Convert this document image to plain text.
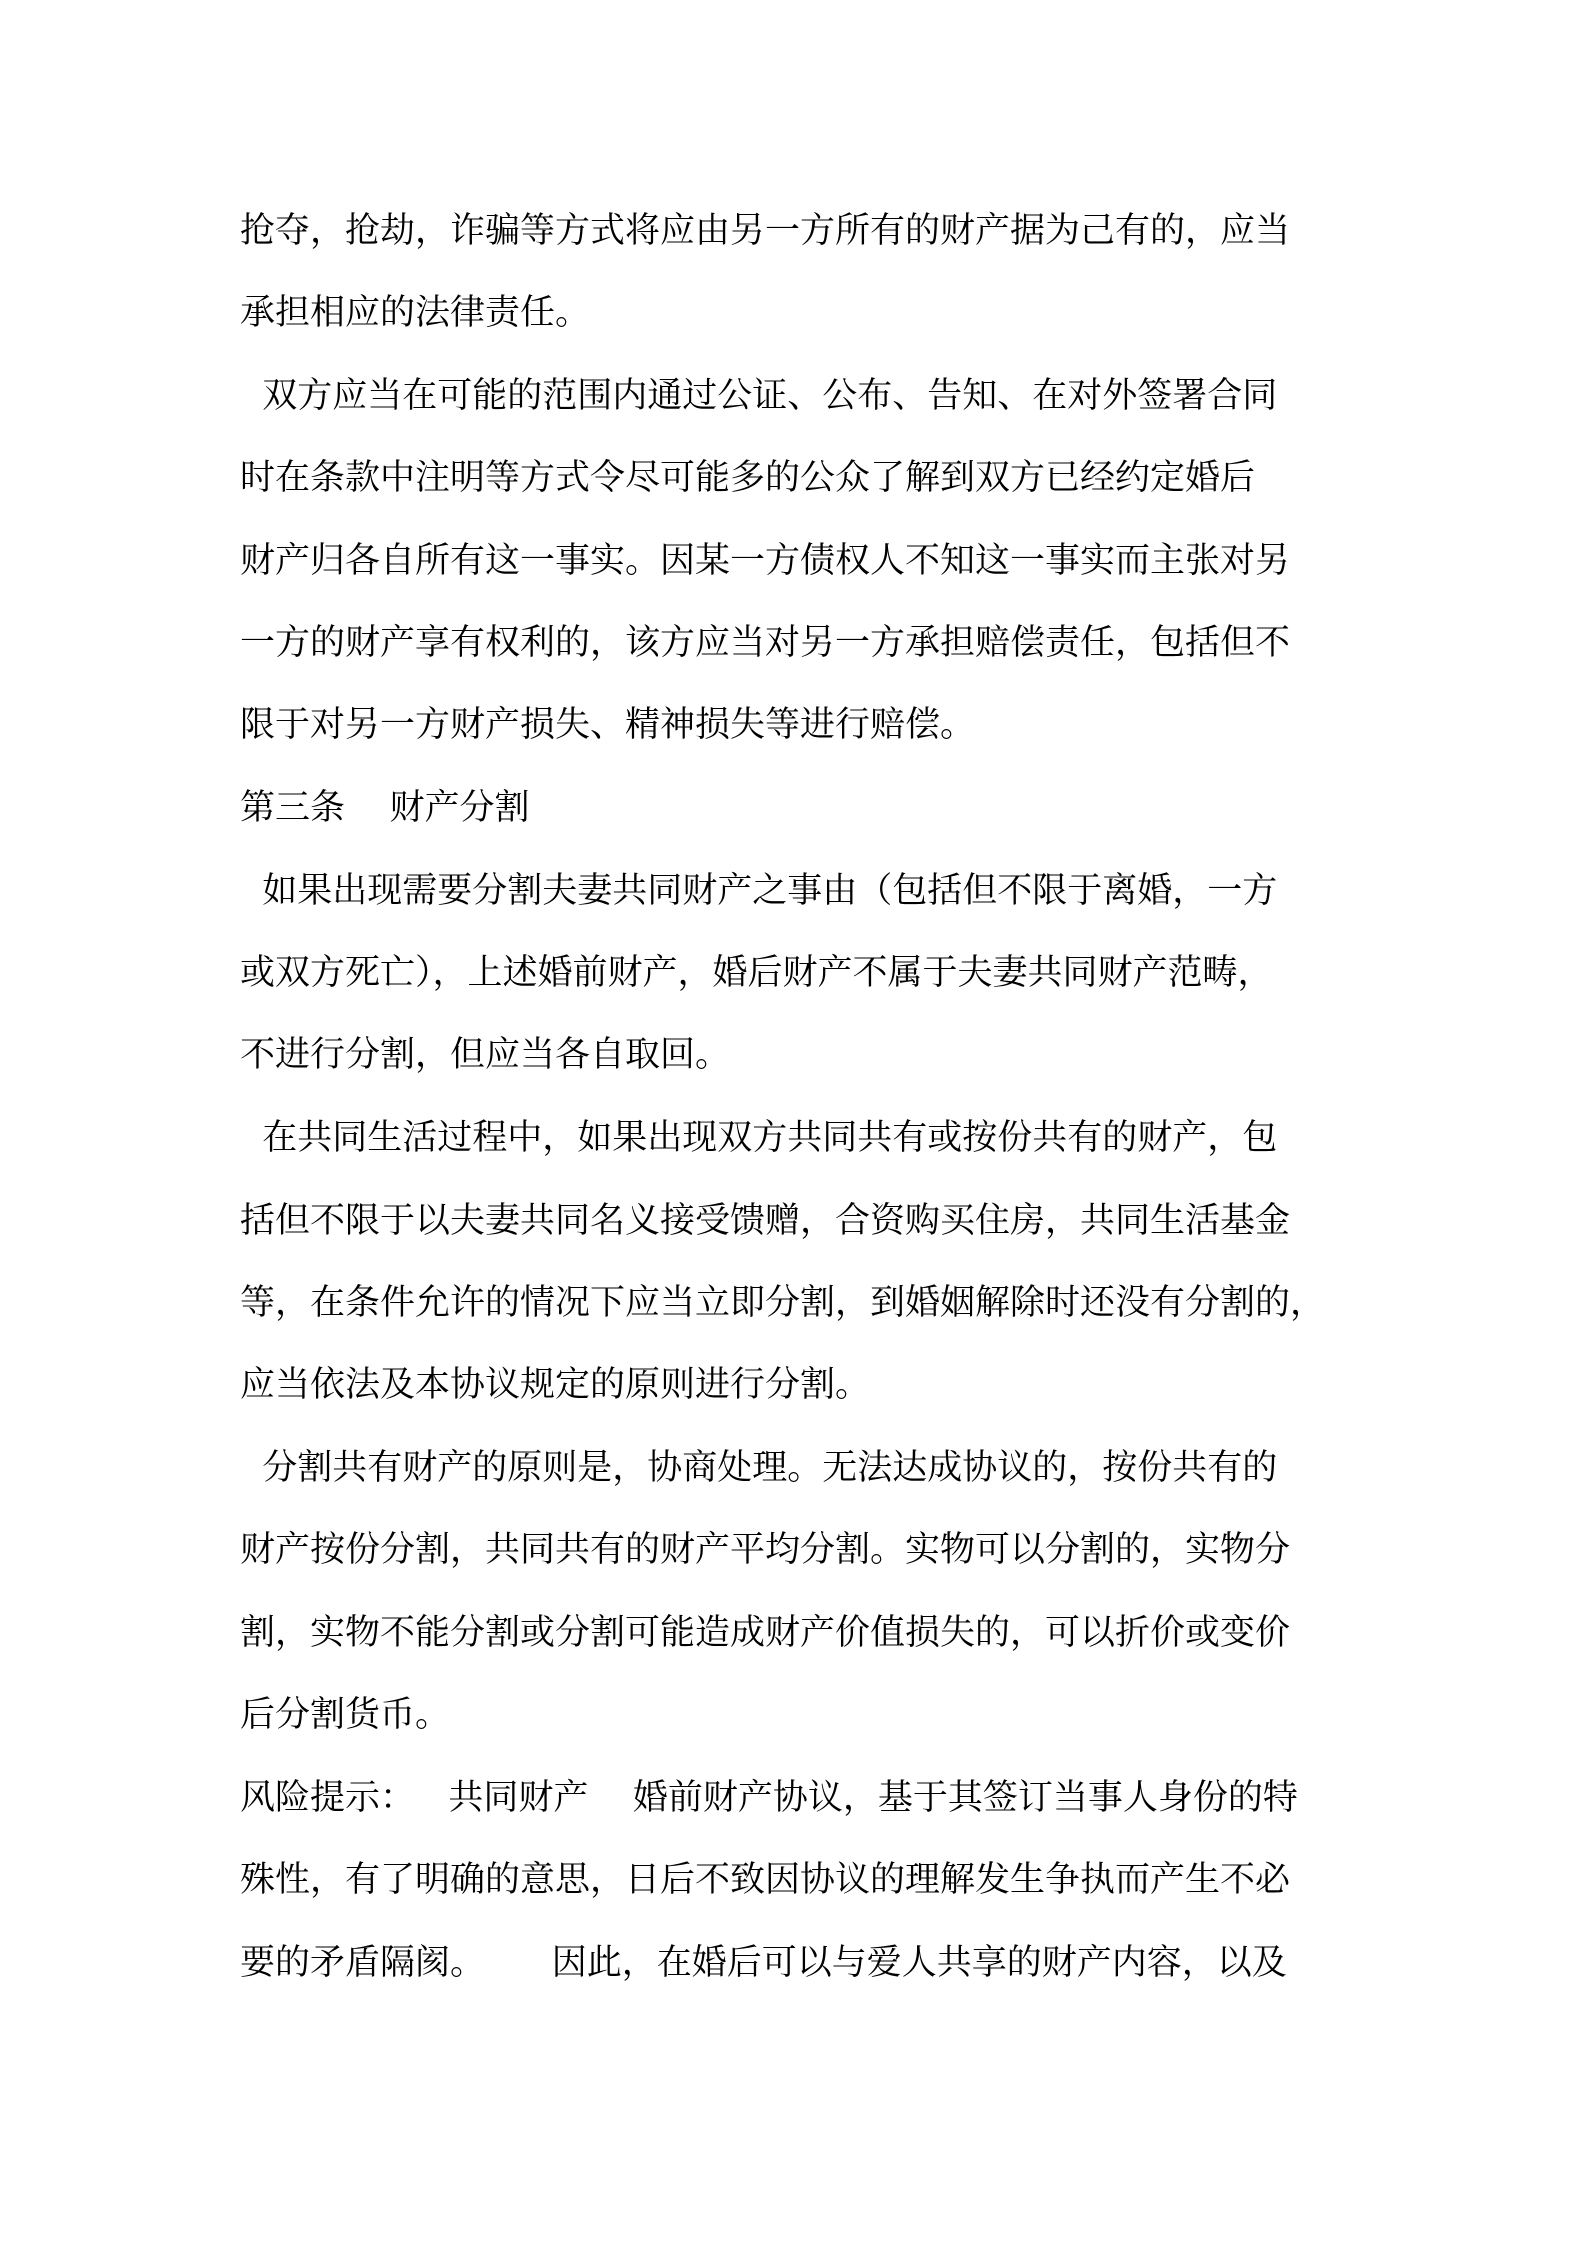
抢夺，抢劫，诈骗等方式将应由另一方所有的财产据为己有的，应当
承担相应的法律责任。
双方应当在可能的范围内通过公证、公布、告知、在对外签署合同
时在条款中注明等方式令尽可能多的公众了解到双方已经约定婚后
财产归各自所有这一事实。因某一方债权人不知这一事实而主张对另
一方的财产享有权利的，该方应当对另一方承担赔偿责任，包括但不
限于对另一方财产损失、精神损失等进行赔偿。
第三条    财产分割
如果出现需要分割夫妻共同财产之事由（包括但不限于离婚，一方
或双方死亡），上述婚前财产，婚后财产不属于夫妻共同财产范畴，
不进行分割，但应当各自取回。
在共同生活过程中，如果出现双方共同共有或按份共有的财产，包
括但不限于以夫妻共同名义接受馈赠，合资购买住房，共同生活基金
等，在条件允许的情况下应当立即分割，到婚姻解除时还没有分割的，
应当依法及本协议规定的原则进行分割。
分割共有财产的原则是，协商处理。无法达成协议的，按份共有的
财产按份分割，共同共有的财产平均分割。实物可以分割的，实物分
割，实物不能分割或分割可能造成财产价值损失的，可以折价或变价
后分割货币。
风险提示：   共同财产    婚前财产协议，基于其签订当事人身份的特
殊性，有了明确的意思，日后不致因协议的理解发生争执而产生不必
要的矛盾隔阂。      因此，在婚后可以与爱人共享的财产内容，以及
